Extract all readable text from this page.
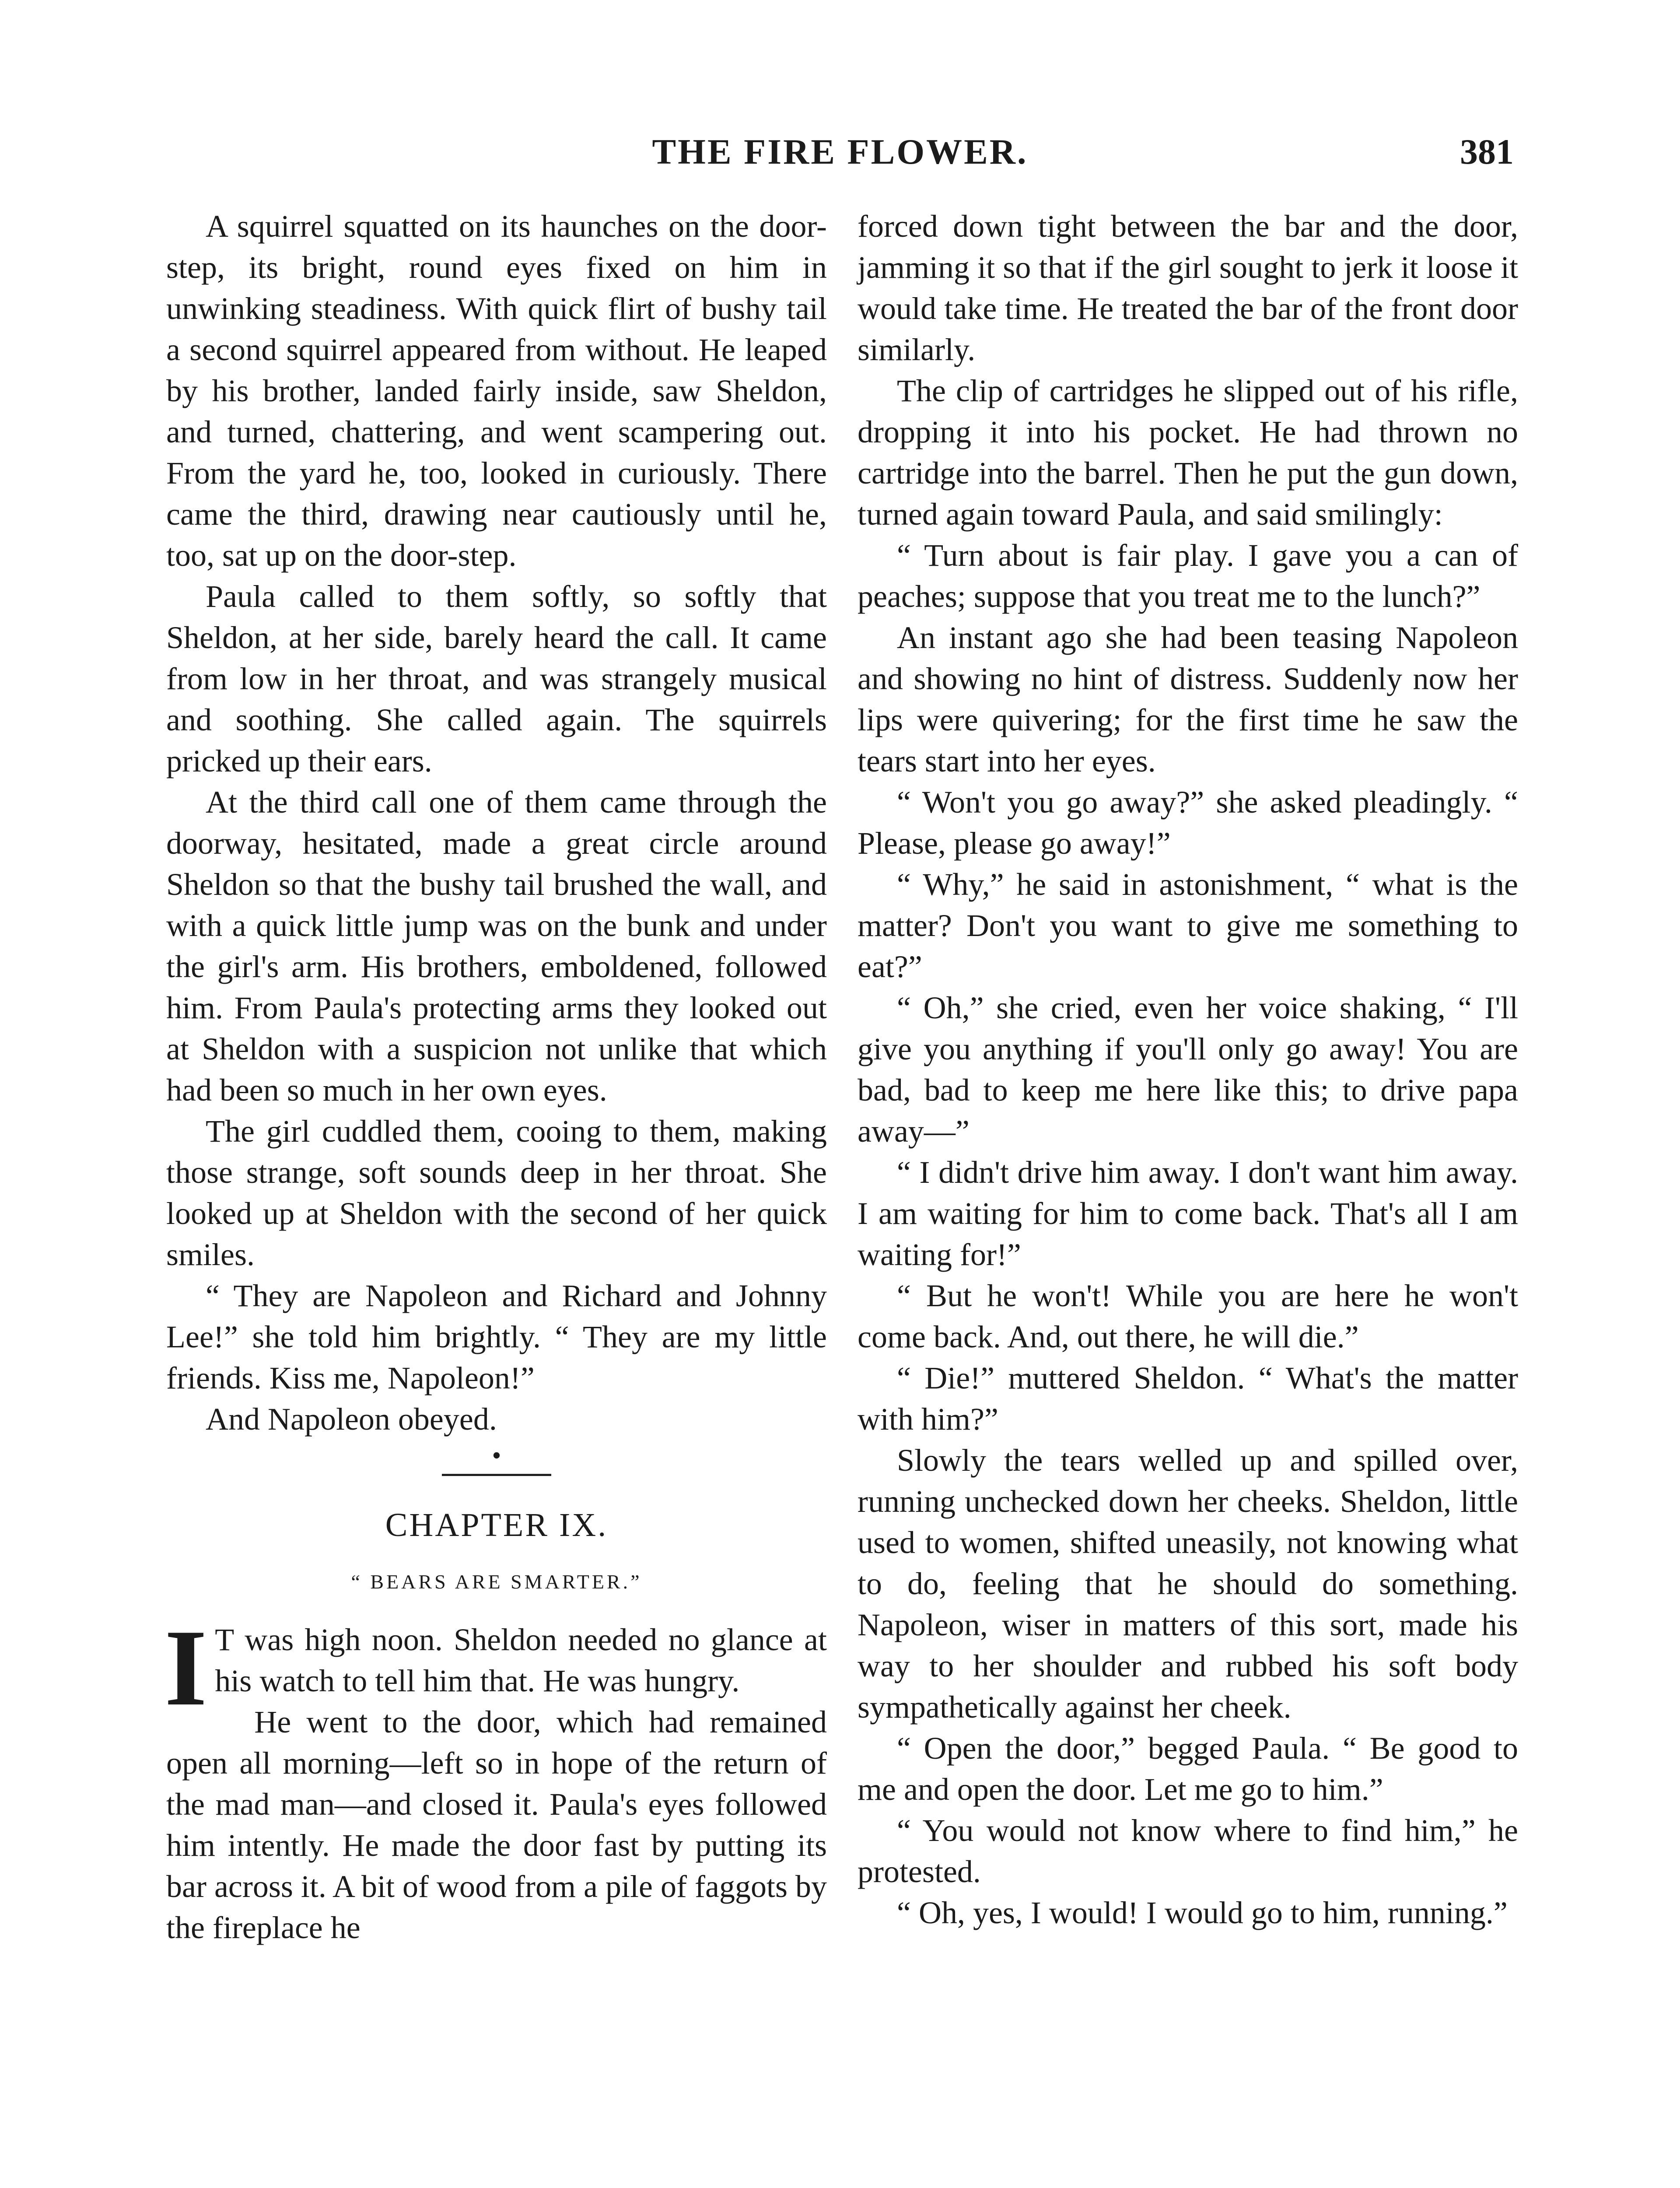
THE FIRE FLOWER.	381

A squirrel squatted on its haunches on the door-step, its bright, round eyes fixed on him in unwinking steadiness. With quick flirt of bushy tail a second squirrel appeared from without. He leaped by his brother, landed fairly inside, saw Sheldon, and turned, chattering, and went scampering out. From the yard he, too, looked in curiously. There came the third, drawing near cautiously until he, too, sat up on the door-step.

Paula called to them softly, so softly that Sheldon, at her side, barely heard the call. It came from low in her throat, and was strangely musical and soothing. She called again. The squirrels pricked up their ears.

At the third call one of them came through the doorway, hesitated, made a great circle around Sheldon so that the bushy tail brushed the wall, and with a quick little jump was on the bunk and under the girl's arm. His brothers, emboldened, followed him. From Paula's protecting arms they looked out at Sheldon with a suspicion not unlike that which had been so much in her own eyes.

The girl cuddled them, cooing to them, making those strange, soft sounds deep in her throat. She looked up at Sheldon with the second of her quick smiles.

“ They are Napoleon and Richard and Johnny Lee!” she told him brightly. “ They are my little friends. Kiss me, Napoleon!”

And Napoleon obeyed.

•
CHAPTER IX.
“ BEARS ARE SMARTER.”

I T was high noon. Sheldon needed no glance at his watch to tell him that. He was hungry.

He went to the door, which had remained open all morning—left so in hope of the return of the mad man—and closed it. Paula's eyes followed him intently. He made the door fast by putting its bar across it. A bit of wood from a pile of faggots by the fireplace he

forced down tight between the bar and the door, jamming it so that if the girl sought to jerk it loose it would take time. He treated the bar of the front door similarly.

The clip of cartridges he slipped out of his rifle, dropping it into his pocket. He had thrown no cartridge into the barrel. Then he put the gun down, turned again toward Paula, and said smilingly:

“ Turn about is fair play. I gave you a can of peaches; suppose that you treat me to the lunch?”

An instant ago she had been teasing Napoleon and showing no hint of distress. Suddenly now her lips were quivering; for the first time he saw the tears start into her eyes.

“ Won't you go away?” she asked pleadingly. “ Please, please go away!”

“ Why,” he said in astonishment, “ what is the matter? Don't you want to give me something to eat?”

“ Oh,” she cried, even her voice shaking, “ I'll give you anything if you'll only go away! You are bad, bad to keep me here like this; to drive papa away—”

“ I didn't drive him away. I don't want him away. I am waiting for him to come back. That's all I am waiting for!”

“ But he won't! While you are here he won't come back. And, out there, he will die.”

“ Die!” muttered Sheldon. “ What's the matter with him?”

Slowly the tears welled up and spilled over, running unchecked down her cheeks. Sheldon, little used to women, shifted uneasily, not knowing what to do, feeling that he should do something. Napoleon, wiser in matters of this sort, made his way to her shoulder and rubbed his soft body sympathetically against her cheek.

“ Open the door,” begged Paula. “ Be good to me and open the door. Let me go to him.”

“ You would not know where to find him,” he protested.

“ Oh, yes, I would! I would go to him, running.”
